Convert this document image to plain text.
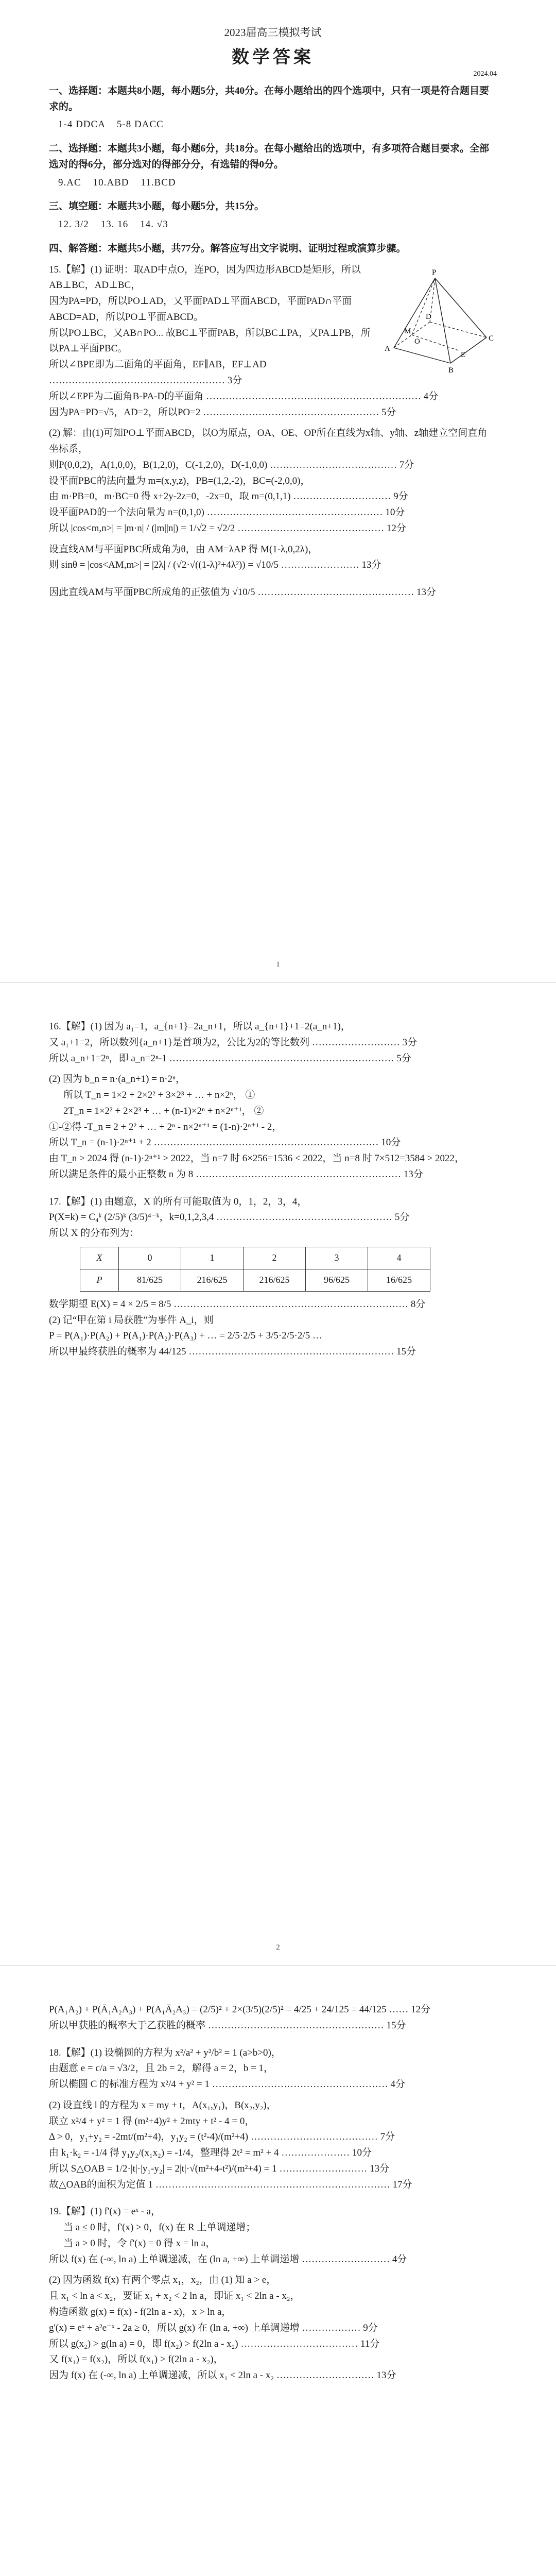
2023届高三模拟考试

数学答案

2024.04

一、选择题：本题共8小题，每小题5分，共40分。在每小题给出的四个选项中，只有一项是符合题目要求的。

1-4 DDCA    5-8 DACC

二、选择题：本题共3小题，每小题6分，共18分。在每小题给出的选项中，有多项符合题目要求。全部选对的得6分，部分选对的得部分分，有选错的得0分。

9.AC    10.ABD    11.BCD

三、填空题：本题共3小题，每小题5分，共15分。

12. 3/2    13. 16    14. √3

四、解答题：本题共5小题，共77分。解答应写出文字说明、证明过程或演算步骤。

P
A
B
C
D
M
O
E

15.【解】(1) 证明：取AD中点O，连PO，因为四边形ABCD是矩形，所以AB⊥BC，AD⊥BC，

因为PA=PD，所以PO⊥AD，又平面PAD⊥平面ABCD，平面PAD∩平面ABCD=AD，所以PO⊥平面ABCD。

所以PO⊥BC，又AB∩PO... 故BC⊥平面PAB，所以BC⊥PA，又PA⊥PB，所以PA⊥平面PBC。

所以∠BPE即为二面角的平面角，EF∥AB，EF⊥AD ……………………………………………… 3分

所以∠EPF为二面角B-PA-D的平面角 ………………………………………………………… 4分

因为PA=PD=√5，AD=2，所以PO=2 ……………………………………………… 5分

(2) 解：由(1)可知PO⊥平面ABCD，以O为原点，OA、OE、OP所在直线为x轴、y轴、z轴建立空间直角坐标系，

则P(0,0,2)，A(1,0,0)，B(1,2,0)，C(-1,2,0)，D(-1,0,0) ………………………………… 7分

设平面PBC的法向量为 m=(x,y,z)，PB=(1,2,-2)，BC=(-2,0,0)，

由 m·PB=0，m·BC=0 得 x+2y-2z=0，-2x=0，取 m=(0,1,1) ………………………… 9分

设平面PAD的一个法向量为 n=(0,1,0) ……………………………………………… 10分

所以 |cos<m,n>| = |m·n| / (|m||n|) = 1/√2 = √2/2 ……………………………………… 12分

设直线AM与平面PBC所成角为θ，由 AM=λAP 得 M(1-λ,0,2λ)，

则 sinθ = |cos<AM,m>| = |2λ| / (√2·√((1-λ)²+4λ²)) = √10/5 …………………… 13分

因此直线AM与平面PBC所成角的正弦值为 √10/5 ………………………………………… 13分

1

16.【解】(1) 因为 a₁=1，a_{n+1}=2a_n+1，所以 a_{n+1}+1=2(a_n+1)，

又 a₁+1=2，所以数列{a_n+1}是首项为2，公比为2的等比数列 ……………………… 3分

所以 a_n+1=2ⁿ，即 a_n=2ⁿ-1 …………………………………………………………… 5分

(2) 因为 b_n = n·(a_n+1) = n·2ⁿ，

所以 T_n = 1×2 + 2×2² + 3×2³ + … + n×2ⁿ， ①

2T_n = 1×2² + 2×2³ + … + (n-1)×2ⁿ + n×2ⁿ⁺¹， ②

①-②得 -T_n = 2 + 2² + … + 2ⁿ - n×2ⁿ⁺¹ = (1-n)·2ⁿ⁺¹ - 2，

所以 T_n = (n-1)·2ⁿ⁺¹ + 2 …………………………………………………………… 10分

由 T_n > 2024 得 (n-1)·2ⁿ⁺¹ > 2022，当 n=7 时 6×256=1536 < 2022，当 n=8 时 7×512=3584 > 2022，

所以满足条件的最小正整数 n 为 8 ……………………………………………………… 13分

17.【解】(1) 由题意，X 的所有可能取值为 0，1，2，3，4，

P(X=k) = C₄ᵏ (2/5)ᵏ (3/5)⁴⁻ᵏ，k=0,1,2,3,4 ……………………………………………… 5分

所以 X 的分布列为：

X	0	1	2	3	4
P	81/625	216/625	216/625	96/625	16/625

数学期望 E(X) = 4 × 2/5 = 8/5 ……………………………………………………………… 8分

(2) 记“甲在第 i 局获胜”为事件 A_i，则

P = P(A₁)·P(A₂) + P(Ā₁)·P(A₂)·P(A₃) + … = 2/5·2/5 + 3/5·2/5·2/5 …

所以甲最终获胜的概率为 44/125 ……………………………………………………… 15分

2

P(A₁A₂) + P(Ā₁A₂A₃) + P(A₁Ā₂A₃) = (2/5)² + 2×(3/5)(2/5)² = 4/25 + 24/125 = 44/125 …… 12分

所以甲获胜的概率大于乙获胜的概率 ……………………………………………… 15分

18.【解】(1) 设椭圆的方程为 x²/a² + y²/b² = 1 (a>b>0)，

由题意 e = c/a = √3/2，且 2b = 2，解得 a = 2，b = 1，

所以椭圆 C 的标准方程为 x²/4 + y² = 1 ……………………………………………… 4分

(2) 设直线 l 的方程为 x = my + t，A(x₁,y₁)，B(x₂,y₂)，

联立 x²/4 + y² = 1 得 (m²+4)y² + 2mty + t² - 4 = 0，

Δ > 0，y₁+y₂ = -2mt/(m²+4)，y₁y₂ = (t²-4)/(m²+4) ………………………………… 7分

由 k₁·k₂ = -1/4 得 y₁y₂/(x₁x₂) = -1/4，整理得 2t² = m² + 4 ………………… 10分

所以 S△OAB = 1/2·|t|·|y₁-y₂| = 2|t|·√(m²+4-t²)/(m²+4) = 1 ……………………… 13分

故△OAB的面积为定值 1 ……………………………………………………………… 17分

19.【解】(1) f'(x) = eˣ - a，

当 a ≤ 0 时，f'(x) > 0，f(x) 在 R 上单调递增；

当 a > 0 时，令 f'(x) = 0 得 x = ln a，

所以 f(x) 在 (-∞, ln a) 上单调递减，在 (ln a, +∞) 上单调递增 ……………………… 4分

(2) 因为函数 f(x) 有两个零点 x₁，x₂，由 (1) 知 a > e，

且 x₁ < ln a < x₂，要证 x₁ + x₂ < 2 ln a，即证 x₁ < 2ln a - x₂，

构造函数 g(x) = f(x) - f(2ln a - x)，x > ln a，

g'(x) = eˣ + a²e⁻ˣ - 2a ≥ 0，所以 g(x) 在 (ln a, +∞) 上单调递增 ……………… 9分

所以 g(x₂) > g(ln a) = 0，即 f(x₂) > f(2ln a - x₂) ……………………………… 11分

又 f(x₁) = f(x₂)，所以 f(x₁) > f(2ln a - x₂)，

因为 f(x) 在 (-∞, ln a) 上单调递减，所以 x₁ < 2ln a - x₂ ………………………… 13分
